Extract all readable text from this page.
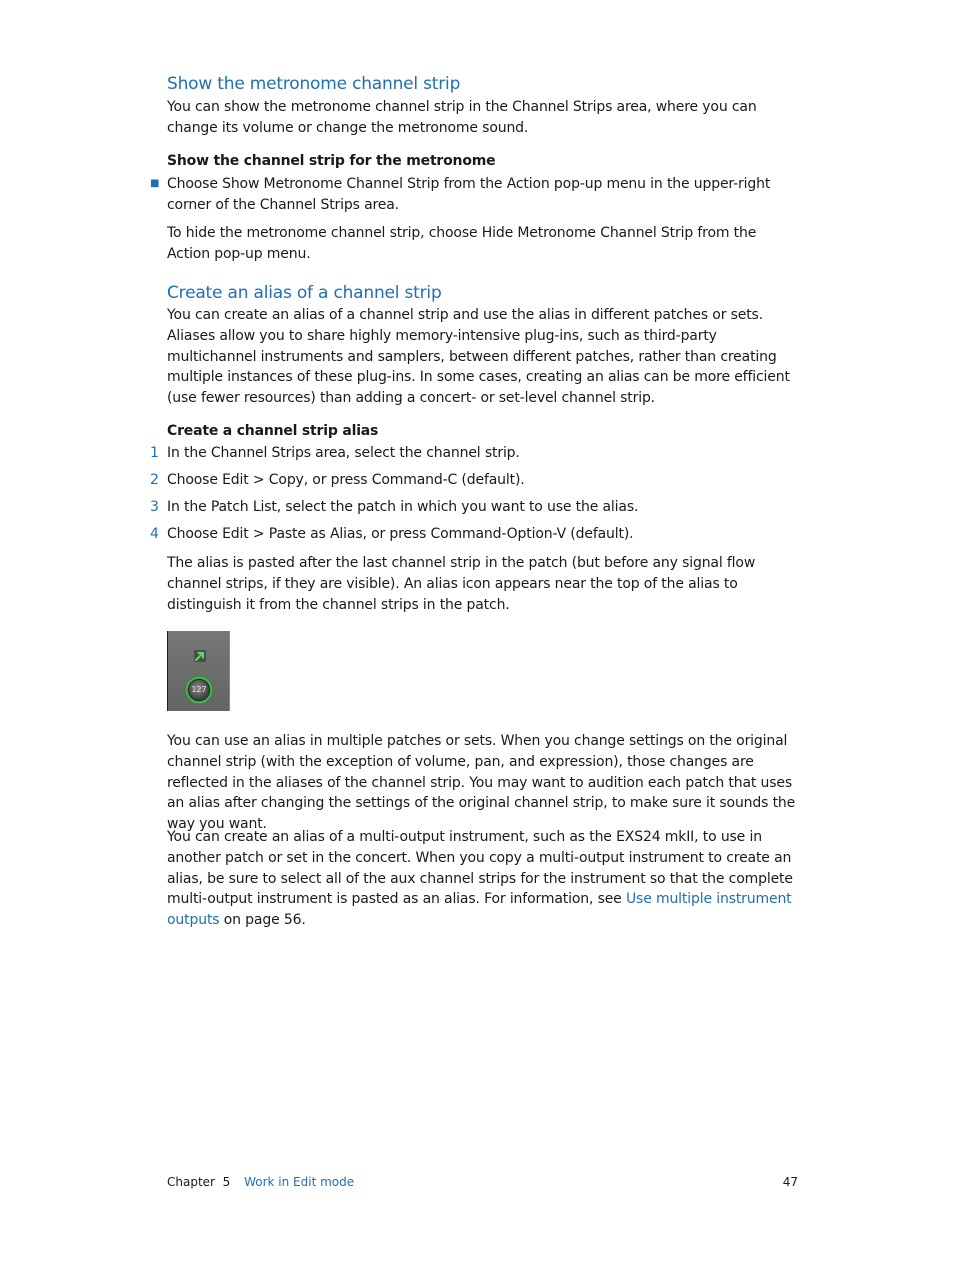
Show the metronome channel strip

You can show the metronome channel strip in the Channel Strips area, where you can change its volume or change the metronome sound.

Show the channel strip for the metronome

■ Choose Show Metronome Channel Strip from the Action pop-up menu in the upper-right corner of the Channel Strips area.

To hide the metronome channel strip, choose Hide Metronome Channel Strip from the Action pop-up menu.

Create an alias of a channel strip

You can create an alias of a channel strip and use the alias in different patches or sets. Aliases allow you to share highly memory-intensive plug-ins, such as third-party multichannel instruments and samplers, between different patches, rather than creating multiple instances of these plug-ins. In some cases, creating an alias can be more efficient (use fewer resources) than adding a concert- or set-level channel strip.

Create a channel strip alias

1 In the Channel Strips area, select the channel strip.
2 Choose Edit > Copy, or press Command-C (default).
3 In the Patch List, select the patch in which you want to use the alias.
4 Choose Edit > Paste as Alias, or press Command-Option-V (default).

The alias is pasted after the last channel strip in the patch (but before any signal flow channel strips, if they are visible). An alias icon appears near the top of the alias to distinguish it from the channel strips in the patch.

127

You can use an alias in multiple patches or sets. When you change settings on the original channel strip (with the exception of volume, pan, and expression), those changes are reflected in the aliases of the channel strip. You may want to audition each patch that uses an alias after changing the settings of the original channel strip, to make sure it sounds the way you want.

You can create an alias of a multi-output instrument, such as the EXS24 mkII, to use in another patch or set in the concert. When you copy a multi-output instrument to create an alias, be sure to select all of the aux channel strips for the instrument so that the complete multi-output instrument is pasted as an alias. For information, see Use multiple instrument outputs on page 56.

Chapter  5 Work in Edit mode	47
